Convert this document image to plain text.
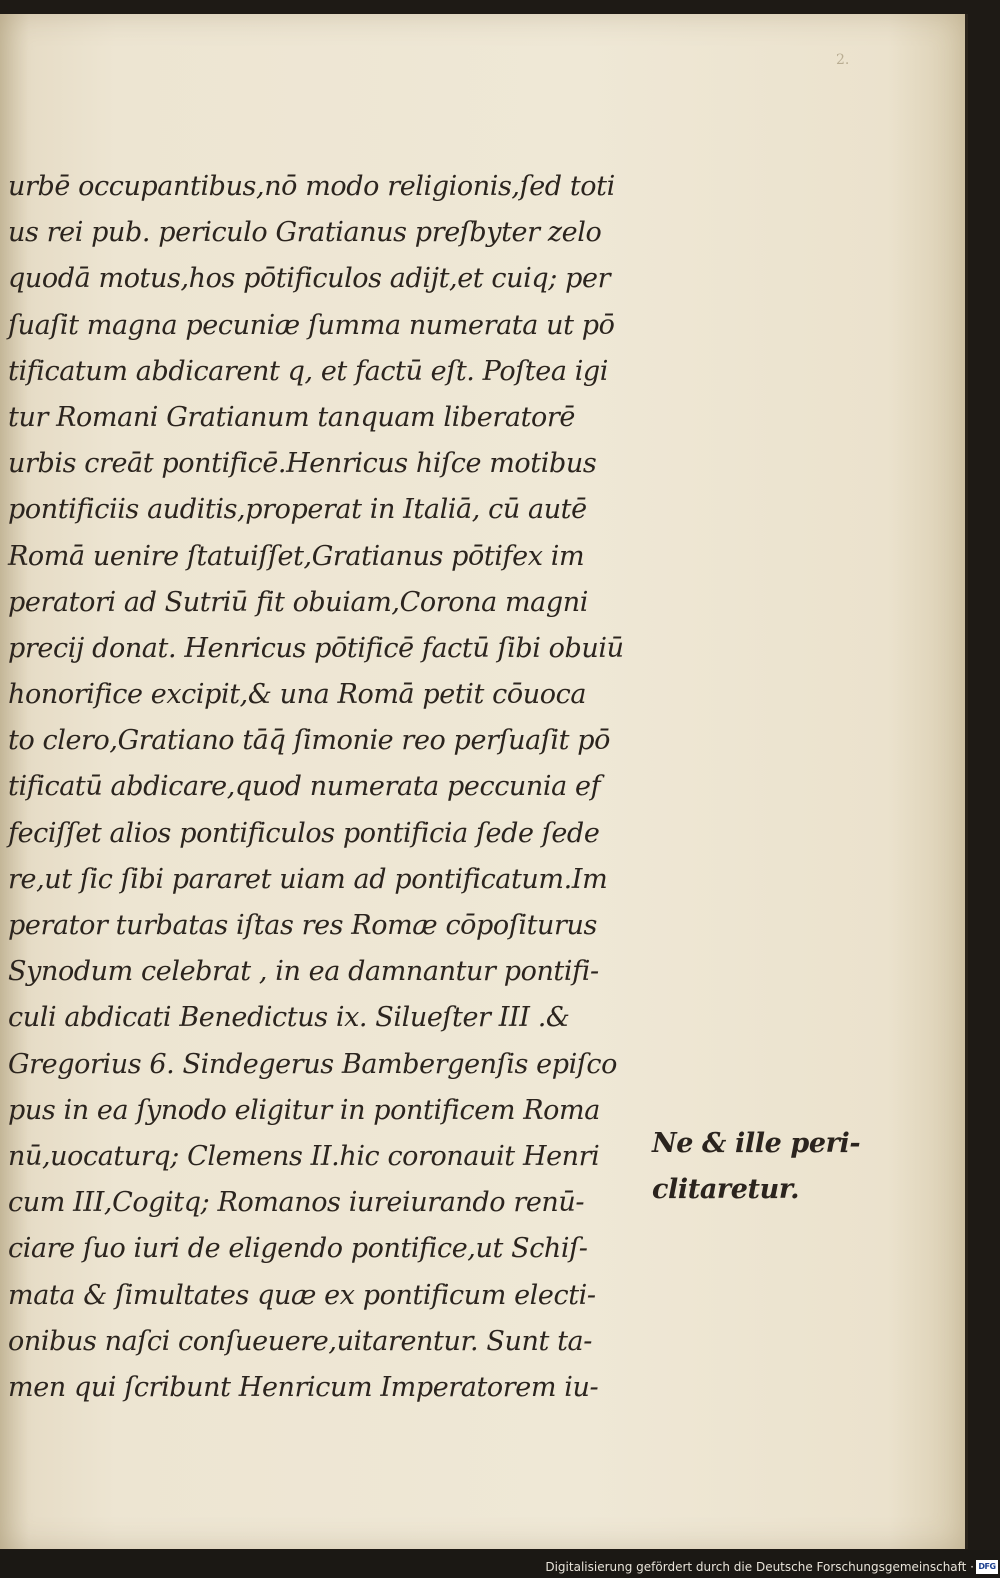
2.
urbē occupantibus,nō modo religionis,ſed toti
us rei pub. periculo Gratianus preſbyter zelo
quodā motus,hos pōtificulos adijt,et cuiq; per
ſuaſit magna pecuniæ ſumma numerata ut pō
tificatum abdicarent q, et factū eſt. Poſtea igi
tur Romani Gratianum tanquam liberatorē
urbis creāt pontificē.Henricus hiſce motibus
pontificiis auditis,properat in Italiā, cū autē
Romā uenire ſtatuiſſet,Gratianus pōtifex im
peratori ad Sutriū fit obuiam,Corona magni
precij donat. Henricus pōtificē factū ſibi obuiū
honorifice excipit,& una Romā petit cōuoca
to clero,Gratiano tāq̄ ſimonie reo perſuaſit pō
tificatū abdicare,quod numerata peccunia ef
feciſſet alios pontificulos pontificia ſede ſede
re,ut ſic ſibi pararet uiam ad pontificatum.Im
perator turbatas iſtas res Romæ cōpoſiturus
Synodum celebrat , in ea damnantur pontifi-
culi abdicati Benedictus ix. Silueſter III .&
Gregorius 6. Sindegerus Bambergenſis epiſco
pus in ea ſynodo eligitur in pontificem Roma
nū,uocaturq; Clemens II.hic coronauit Henri
cum III,Cogitq; Romanos iureiurando renū-
ciare ſuo iuri de eligendo pontifice,ut Schiſ-
mata & ſimultates quæ ex pontificum electi-
onibus naſci conſueuere,uitarentur. Sunt ta-
men qui ſcribunt Henricum Imperatorem iu-
Ne & ille peri-
clitaretur.
Digitalisierung gefördert durch die Deutsche Forschungsgemeinschaft · DFG
